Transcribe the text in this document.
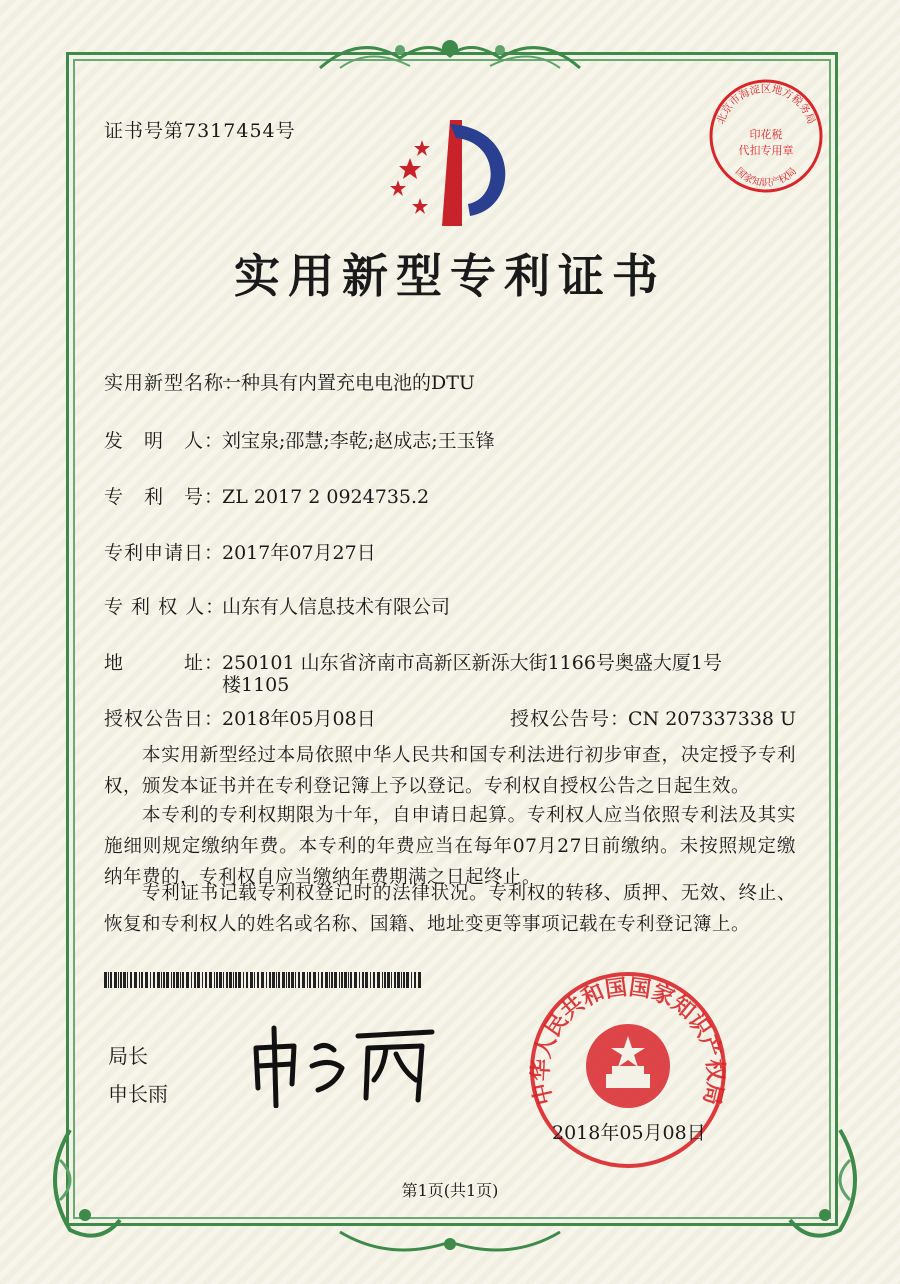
证书号第7317454号
北京市海淀区地方税务局
印花税
代扣专用章
国家知识产权局
实用新型专利证书
实用新型名称：一种具有内置充电电池的DTU
发　明　人：刘宝泉;邵慧;李乾;赵成志;王玉锋
专　利　号：ZL 2017 2 0924735.2
专利申请日：2017年07月27日
专 利 权 人：山东有人信息技术有限公司
地　　　址：250101 山东省济南市高新区新泺大街1166号奥盛大厦1号
楼1105
授权公告日：2018年05月08日	授权公告号：CN 207337338 U
本实用新型经过本局依照中华人民共和国专利法进行初步审查，决定授予专利权，颁发本证书并在专利登记簿上予以登记。专利权自授权公告之日起生效。
本专利的专利权期限为十年，自申请日起算。专利权人应当依照专利法及其实施细则规定缴纳年费。本专利的年费应当在每年07月27日前缴纳。未按照规定缴纳年费的，专利权自应当缴纳年费期满之日起终止。
专利证书记载专利权登记时的法律状况。专利权的转移、质押、无效、终止、恢复和专利权人的姓名或名称、国籍、地址变更等事项记载在专利登记簿上。
局长
申长雨	中华人民共和国国家知识产权局
2018年05月08日
第1页(共1页)
